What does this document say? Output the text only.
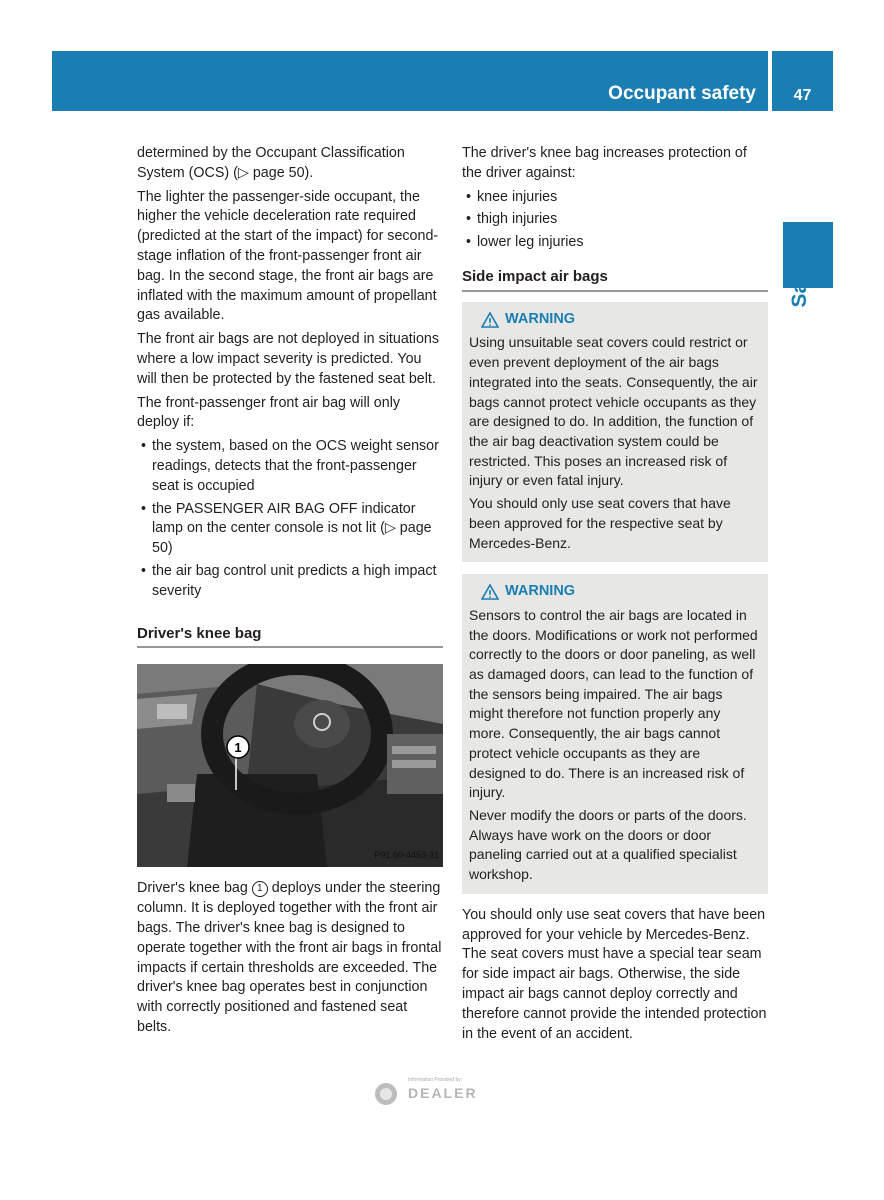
Occupant safety	47
Safety

determined by the Occupant Classification System (OCS) (▷ page 50).

The lighter the passenger-side occupant, the higher the vehicle deceleration rate required (predicted at the start of the impact) for second-stage inflation of the front-passenger front air bag. In the second stage, the front air bags are inflated with the maximum amount of propellant gas available.

The front air bags are not deployed in situations where a low impact severity is predicted. You will then be protected by the fastened seat belt.

The front-passenger front air bag will only deploy if:

• the system, based on the OCS weight sensor readings, detects that the front-passenger seat is occupied
• the PASSENGER AIR BAG OFF indicator lamp on the center console is not lit (▷ page 50)
• the air bag control unit predicts a high impact severity
Driver's knee bag
1
P91.60-4453-31

Driver's knee bag 1 deploys under the steering column. It is deployed together with the front air bags. The driver's knee bag is designed to operate together with the front air bags in frontal impacts if certain thresholds are exceeded. The driver's knee bag operates best in conjunction with correctly positioned and fastened seat belts.

The driver's knee bag increases protection of the driver against:

• knee injuries
• thigh injuries
• lower leg injuries
Side impact air bags
WARNING

Using unsuitable seat covers could restrict or even prevent deployment of the air bags integrated into the seats. Consequently, the air bags cannot protect vehicle occupants as they are designed to do. In addition, the function of the air bag deactivation system could be restricted. This poses an increased risk of injury or even fatal injury.

You should only use seat covers that have been approved for the respective seat by Mercedes-Benz.

WARNING

Sensors to control the air bags are located in the doors. Modifications or work not performed correctly to the doors or door paneling, as well as damaged doors, can lead to the function of the sensors being impaired. The air bags might therefore not function properly any more. Consequently, the air bags cannot protect vehicle occupants as they are designed to do. There is an increased risk of injury.

Never modify the doors or parts of the doors. Always have work on the doors or door paneling carried out at a qualified specialist workshop.

You should only use seat covers that have been approved for your vehicle by Mercedes-Benz. The seat covers must have a special tear seam for side impact air bags. Otherwise, the side impact air bags cannot deploy correctly and therefore cannot provide the intended protection in the event of an accident.

Information Provided by:
DEALER
